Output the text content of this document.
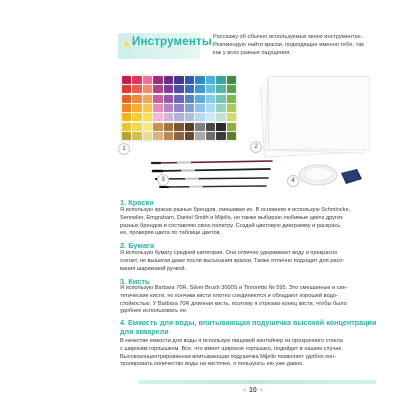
Инструменты Расскажу об обычно используемых мною инструментах.
Рекомендую найти краски, подходящие именно тебе, так
как у всех разные ощущения.
1	2
3	4
1. Краски
Я использую краски разных брендов, смешивая их. В основном я использую Schmincke,
Sennelier, Emgraham, Daniel Smith и Mijello, но также выбираю любимые цвета других
разных брендов и составляю свою палитру. Создай цветовую диаграмму и раскрась
ее, проверяя цвета по таблице цветов.
2. Бумага
Я использую бумагу средней категории. Она отлично удерживает воду и прекрасно
сохнет, не вышегая даже после высыхания краски. Также отлично подходит для рисо-
вания шариковой ручкой.
3. Кисть
Я использую Barbara 70R, Silver Brush 3000S и Tintoretto № 595. Это смешанные и син-
тетические кисти, но кончики кисти плотно соединяются и обладают хорошей водо-
стойкостью. У Barbara 70R длинная кисть, поэтому я отрезаю конец кисти, чтобы было
удобнее использовать ее.
4. Емкость для воды, впитывающая подушечка высокой концентрации
для акварели
В качестве емкости для воды я использую пищевой контейнер из прозрачного стекла
с широким горлышком. Все, что имеет широкое горлышко, подойдет в нашем случае.
Высококонцентрированная впитывающая подушечка Mijello позволяет удобно кон-
тролировать количество воды на кисточке, я пользуюсь ею уже давно.
✦ 10 ✦
